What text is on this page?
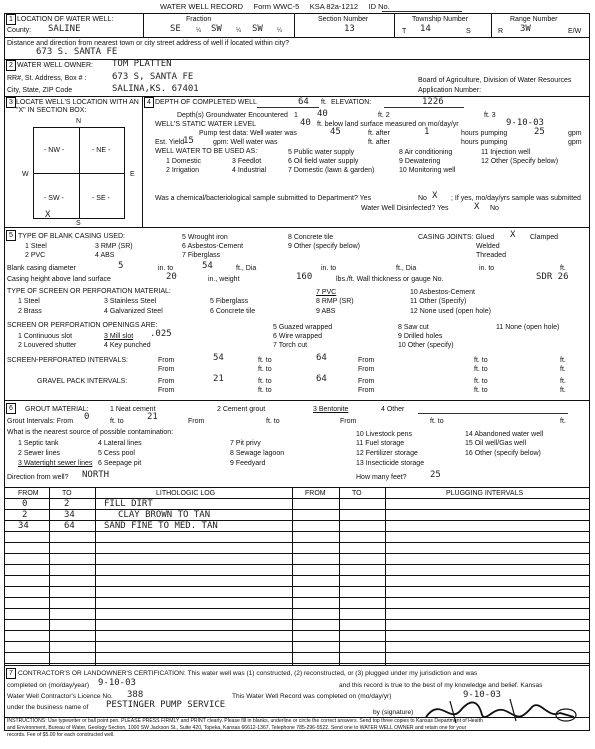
WATER WELL RECORD Form WWC-5 KSA 82a-1212 ID No.
1 LOCATION OF WATER WELL:
County: SALINE
Fraction
SE	¼ SW ¼ SW ¼
Section Number
13
Township Number
T 14	S
Range Number
R 3W	E/W
Distance and direction from nearest town or city street address of well if located within city?
673 S. SANTA FE
2 WATER WELL OWNER: TOM PLATTEN
RR#, St. Address, Box # :	673 S, SANTA FE
City, State, ZIP Code	SALINA,KS. 67401
Board of Agriculture, Division of Water Resources
Application Number:
3 LOCATE WELL'S LOCATION WITH AN "X" IN SECTION BOX:
N
S
W	E
- NW -	- NE -
- SW -	- SE -
X
4 DEPTH OF COMPLETED WELL	64 ft. ELEVATION:	1226
Depth(s) Groundwater Encountered 1 40	ft. 2	ft. 3
WELL'S STATIC WATER LEVEL	40 ft. below land surface measured on mo/day/yr	9-10-03
Pump test data: Well water was	45	ft. after	1	hours pumping	25	gpm
Est. Yield
15	gpm: Well water was	ft. after	hours pumping	gpm
WELL WATER TO BE USED AS:
1 Domestic
2 Irrigation
3 Feedlot
4 Industrial
5 Public water supply
6 Oil field water supply
7 Domestic (lawn & garden)
8 Air conditioning
9 Dewatering
10 Monitoring well
11 Injection well
12 Other (Specify below)
Was a chemical/bacteriological sample submitted to Department? Yes	X
No	; If yes, mo/day/yrs sample was submitted
Water Well Disinfected? Yes	X No
5 TYPE OF BLANK CASING USED:
1 Steel
2 PVC
3 RMP (SR)
4 ABS
5 Wrought iron
6 Asbestos-Cement
7 Fiberglass
8 Concrete tile
9 Other (specify below)
CASING JOINTS: Glued X Clamped
Welded
Threaded
Blank casing diameter	5	in. to	54	ft., Dia	in. to	ft., Dia	in. to	ft.
Casing height above land surface	20	in., weight	160	lbs./ft. Wall thickness or gauge No.	SDR 26
TYPE OF SCREEN OR PERFORATION MATERIAL:
1 Steel
2 Brass
3 Stainless Steel
4 Galvanized Steel
5 Fiberglass
6 Concrete tile
7 PVC
8 RMP (SR)
9 ABS
10 Asbestos-Cement
11 Other (Specify)
12 None used (open hole)
SCREEN OR PERFORATION OPENINGS ARE:
1 Continuous slot
2 Louvered shutter
3 Mill slot .025
4 Key punched
5 Guazed wrapped
6 Wire wrapped
7 Torch cut
8 Saw cut
9 Drilled holes
10 Other (specify)
11 None (open hole)
SCREEN-PERFORATED INTERVALS:	From	54	ft. to	64	From	ft. to	ft.
From	ft. to	From	ft. to	ft.
GRAVEL PACK INTERVALS:	From	21	ft. to	64	From	ft. to	ft.
From	ft. to	From	ft. to	ft.
6	GROUT MATERIAL:	1 Neat cement	2 Cement grout	3 Bentonite	4 Other
Grout Intervals: From 0	ft. to	21	From	ft. to	From	ft. to	ft.
What is the nearest source of possible contamination:
1 Septic tank
2 Sewer lines
3 Watertight sewer lines
4 Lateral lines
5 Cess pool
6 Seepage pit
7 Pit privy
8 Sewage lagoon
9 Feedyard
10 Livestock pens
11 Fuel storage
12 Fertilizer storage
13 Insecticide storage
14 Abandoned water well
15 Oil well/Gas well
16 Other (specify below)
Direction from well? NORTH	How many feet?	25
FROM	TO	LITHOLOGIC LOG	FROM	TO	PLUGGING INTERVALS
0	2	FILL DIRT
2	34	CLAY BROWN TO TAN
34	64	SAND FINE TO MED. TAN
7 CONTRACTOR'S OR LANDOWNER'S CERTIFICATION: This water well was (1) constructed, (2) reconstructed, or (3) plugged under my jurisdiction and was
completed on (mo/day/year) 9-10-03	and this record is true to the best of my knowledge and belief. Kansas
Water Well Contractor's Licence No. 388	This Water Well Record was completed on (mo/day/yr)	9-10-03
under the business name of PESTINGER PUMP SERVICE
by (signature)
INSTRUCTIONS: Use typewriter or ball point pen. PLEASE PRESS FIRMLY and PRINT clearly. Please fill in blanks, underline or circle the correct answers. Send top three copies to Kansas Department of Health
and Environment, Bureau of Water, Geology Section, 1000 SW Jackson St., Suite 420, Topeka, Kansas 66612-1367. Telephone 785-296-5522. Send one to WATER WELL OWNER and retain one for your
records. Fee of $5.00 for each constructed well.
